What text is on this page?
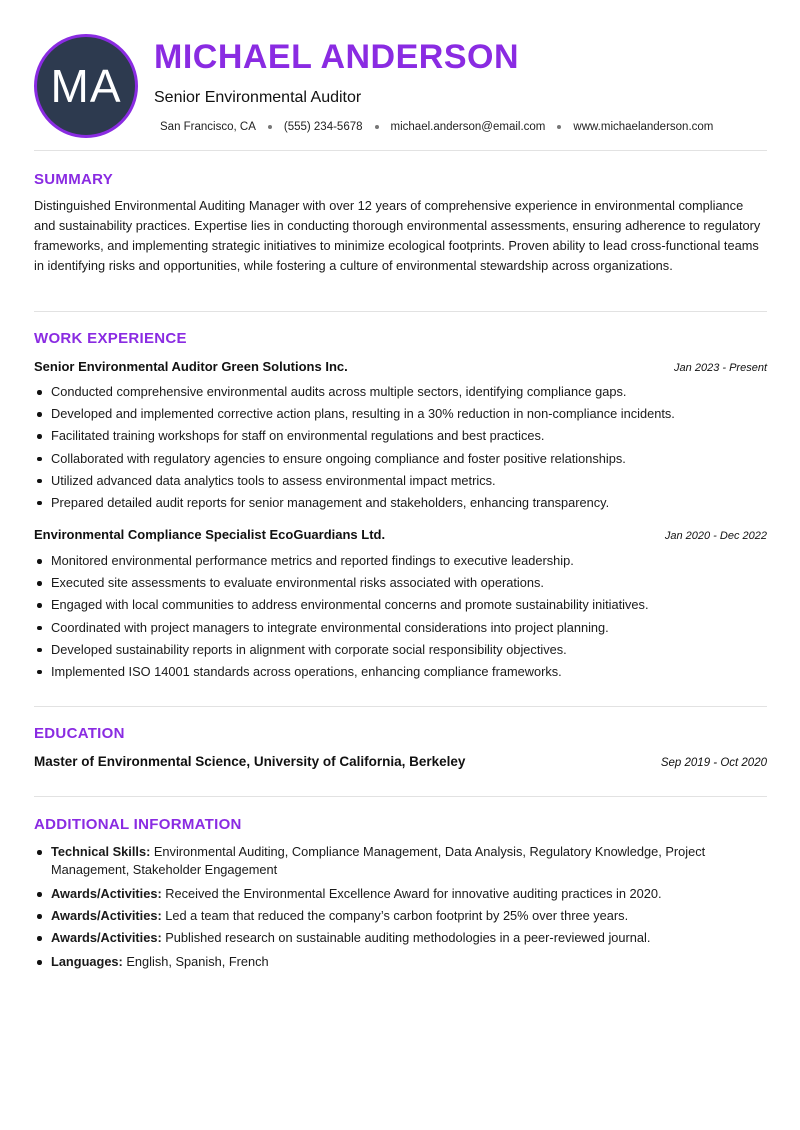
MA
MICHAEL ANDERSON
Senior Environmental Auditor
San Francisco, CA (555) 234-5678 michael.anderson@email.com www.michaelanderson.com
SUMMARY
Distinguished Environmental Auditing Manager with over 12 years of comprehensive experience in environmental compliance and sustainability practices. Expertise lies in conducting thorough environmental assessments, ensuring adherence to regulatory frameworks, and implementing strategic initiatives to minimize ecological footprints. Proven ability to lead cross-functional teams in identifying risks and opportunities, while fostering a culture of environmental stewardship across organizations.
WORK EXPERIENCE
Senior Environmental Auditor Green Solutions Inc.	Jan 2023 - Present
Conducted comprehensive environmental audits across multiple sectors, identifying compliance gaps.
Developed and implemented corrective action plans, resulting in a 30% reduction in non-compliance incidents.
Facilitated training workshops for staff on environmental regulations and best practices.
Collaborated with regulatory agencies to ensure ongoing compliance and foster positive relationships.
Utilized advanced data analytics tools to assess environmental impact metrics.
Prepared detailed audit reports for senior management and stakeholders, enhancing transparency.
Environmental Compliance Specialist EcoGuardians Ltd.	Jan 2020 - Dec 2022
Monitored environmental performance metrics and reported findings to executive leadership.
Executed site assessments to evaluate environmental risks associated with operations.
Engaged with local communities to address environmental concerns and promote sustainability initiatives.
Coordinated with project managers to integrate environmental considerations into project planning.
Developed sustainability reports in alignment with corporate social responsibility objectives.
Implemented ISO 14001 standards across operations, enhancing compliance frameworks.
EDUCATION
Master of Environmental Science, University of California, Berkeley	Sep 2019 - Oct 2020
ADDITIONAL INFORMATION
Technical Skills: Environmental Auditing, Compliance Management, Data Analysis, Regulatory Knowledge, Project Management, Stakeholder Engagement
Awards/Activities: Received the Environmental Excellence Award for innovative auditing practices in 2020.
Awards/Activities: Led a team that reduced the company’s carbon footprint by 25% over three years.
Awards/Activities: Published research on sustainable auditing methodologies in a peer-reviewed journal.
Languages: English, Spanish, French
